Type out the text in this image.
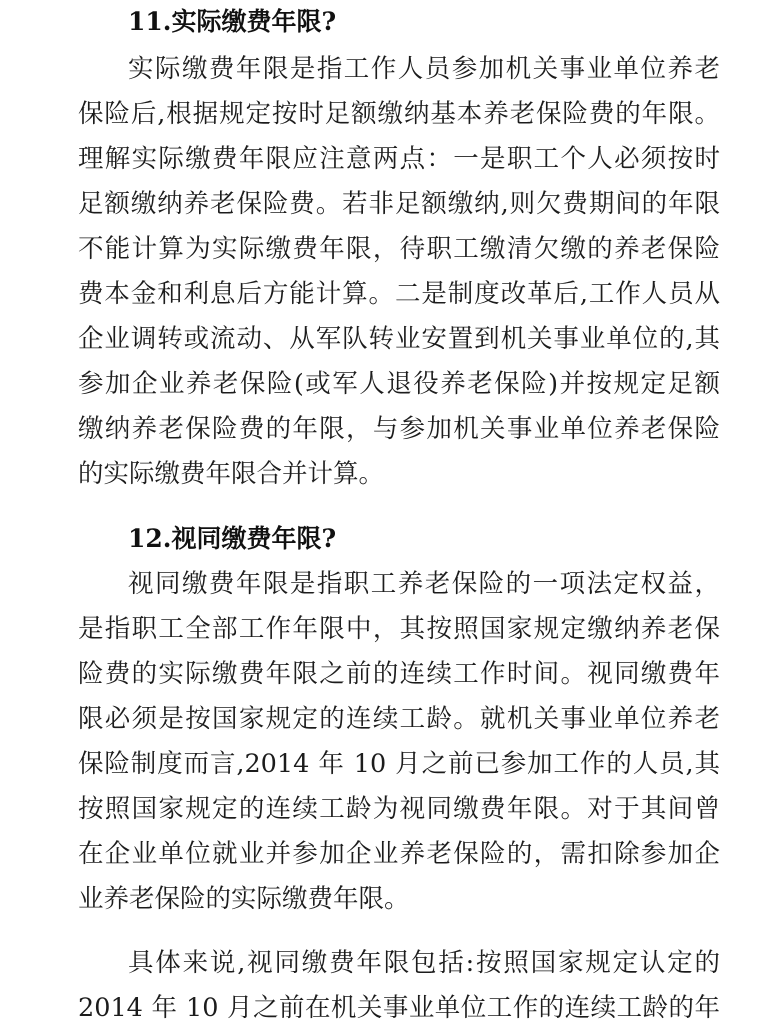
11.实际缴费年限?
实际缴费年限是指工作人员参加机关事业单位养老
保险后,根据规定按时足额缴纳基本养老保险费的年限。
理解实际缴费年限应注意两点：一是职工个人必须按时
足额缴纳养老保险费。若非足额缴纳,则欠费期间的年限
不能计算为实际缴费年限，待职工缴清欠缴的养老保险
费本金和利息后方能计算。二是制度改革后,工作人员从
企业调转或流动、从军队转业安置到机关事业单位的,其
参加企业养老保险(或军人退役养老保险)并按规定足额
缴纳养老保险费的年限，与参加机关事业单位养老保险
的实际缴费年限合并计算。
12.视同缴费年限?
视同缴费年限是指职工养老保险的一项法定权益，
是指职工全部工作年限中，其按照国家规定缴纳养老保
险费的实际缴费年限之前的连续工作时间。视同缴费年
限必须是按国家规定的连续工龄。就机关事业单位养老
保险制度而言,2014 年 10 月之前已参加工作的人员,其
按照国家规定的连续工龄为视同缴费年限。对于其间曾
在企业单位就业并参加企业养老保险的，需扣除参加企
业养老保险的实际缴费年限。
具体来说,视同缴费年限包括:按照国家规定认定的
2014 年 10 月之前在机关事业单位工作的连续工龄的年
